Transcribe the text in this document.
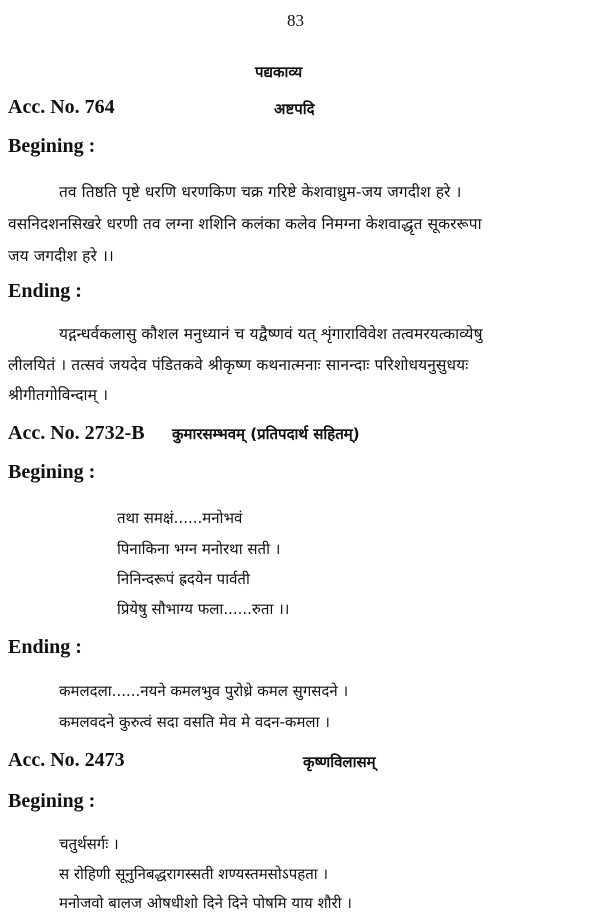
83
पद्यकाव्य
Acc. No. 764	अष्टपदि
Begining :
तव तिष्ठति पृष्टे धरणि धरणकिण चक्र गरिष्टे केशवाध्रुम-जय जगदीश हरे ।
वसनिदशनसिखरे धरणी तव लग्ना शशिनि कलंका कलेव निमग्ना केशवाद्धृत सूकररूपा
जय जगदीश हरे ।।
Ending :
यद्गन्धर्वकलासु कौशल मनुध्यानं च यद्वैष्णवं यत् शृंगाराविवेश तत्वमरयत्काव्येषु
लीलयितं । तत्सवं जयदेव पंडितकवे श्रीकृष्ण कथनात्मनाः सानन्दाः परिशोधयनुसुधयः
श्रीगीतगोविन्दाम् ।
Acc. No. 2732-B कुमारसम्भवम् (प्रतिपदार्थ सहितम्)
Begining :
तथा समक्षं......मनोभवं
पिनाकिना भग्न मनोरथा सती ।
निनिन्दरूपं ह्रदयेन पार्वती
प्रियेषु सौभाग्य फला......रुता ।।
Ending :
कमलदला......नयने कमलभुव पुरोध्रे कमल सुगसदने ।
कमलवदने कुरुत्वं सदा वसति मेव मे वदन-कमला ।
Acc. No. 2473	कृष्णविलासम्
Begining :
चतुर्थसर्गः ।
स रोहिणी सूनुनिबद्धरागस्सती शण्यस्तमसोऽपहता ।
मनोजवो बालज ओषधीशो दिने दिने पोषमि याय शौरी ।
